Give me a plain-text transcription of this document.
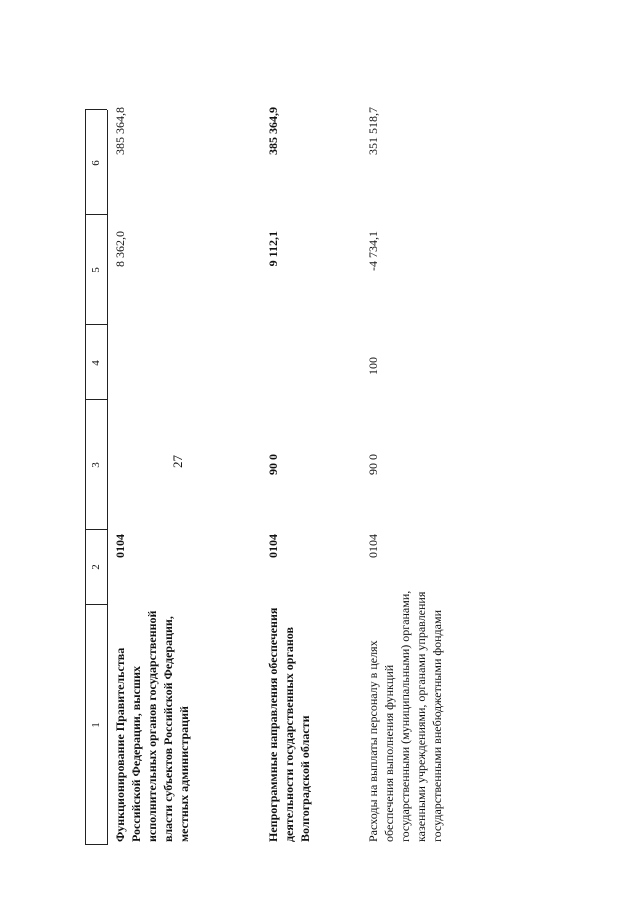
27
1
2
3
4
5
6
Функционирование Правительства Российской Федерации, высших исполнительных органов государственной власти субъектов Российской Федерации, местных администраций
0104
8 362,0
385 364,8
Непрограммные направления обеспечения деятельности государственных органов Волгоградской области
0104
90 0
9 112,1
385 364,9
Расходы на выплаты персоналу в целях обеспечения выполнения функций государственными (муниципальными) органами, казенными учреждениями, органами управления государственными внебюджетными фондами
0104
90 0
100
-4 734,1
351 518,7
